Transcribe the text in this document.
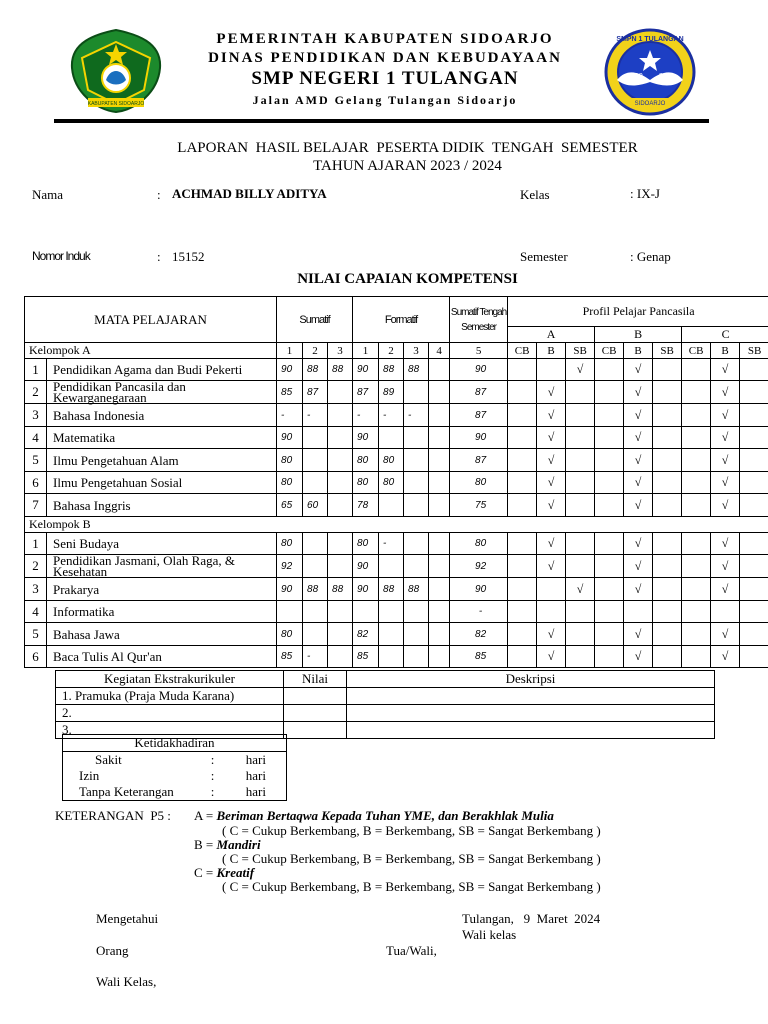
KABUPATEN SIDOARJO
SMPN 1 TULANGAN
19 81
SIDOARJO
PEMERINTAH KABUPATEN SIDOARJO
DINAS PENDIDIKAN DAN KEBUDAYAAN
SMP NEGERI 1 TULANGAN
Jalan AMD Gelang Tulangan Sidoarjo
LAPORAN  HASIL BELAJAR  PESERTA DIDIK  TENGAH  SEMESTER
TAHUN AJARAN 2023 / 2024
Nama	: ACHMAD BILLY ADITYA	Kelas	: IX-J
Nomor Induk	: 15152	Semester	: Genap
NILAI CAPAIAN KOMPETENSI
MATA PELAJARAN		Sumatif			Formatif				Sumatif Tengah Semester	Profil Pelajar Pancasila								
										A			B			C		
Kelompok A		1	2	3	1	2	3	4	5	CB	B	SB	CB	B	SB	CB	B	SB
1	Pendidikan Agama dan Budi Pekerti	90	88	88	90	88	88		90			√		√			√	
2	Pendidikan Pancasila dan Kewarganegaraan	85	87		87	89			87		√			√			√	
3	Bahasa Indonesia	-	-		-	-	-		87		√			√			√	
4	Matematika	90			90				90		√			√			√	
5	Ilmu Pengetahuan Alam	80			80	80			87		√			√			√	
6	Ilmu Pengetahuan Sosial	80			80	80			80		√			√			√	
7	Bahasa Inggris	65	60		78				75		√			√			√	
Kelompok B																		
1	Seni Budaya	80			80	-			80		√			√			√	
2	Pendidikan Jasmani, Olah Raga, & Kesehatan	92			90				92		√			√			√	
3	Prakarya	90	88	88	90	88	88		90			√		√			√	
4	Informatika								-									
5	Bahasa Jawa	80			82				82		√			√			√	
6	Baca Tulis Al Qur'an	85	-		85				85		√			√			√	
Kegiatan Ekstrakurikuler	Nilai	Deskripsi
1. Pramuka (Praja Muda Karana)		
2.		
3.		
Ketidakhadiran		
Sakit	:	hari
Izin	:	hari
Tanpa Keterangan	:	hari
KETERANGAN  P5 : A = Beriman Bertaqwa Kepada Tuhan YME, dan Berakhlak Mulia
( C = Cukup Berkembang, B = Berkembang, SB = Sangat Berkembang )
B = Mandiri
( C = Cukup Berkembang, B = Berkembang, SB = Sangat Berkembang )
C = Kreatif
( C = Cukup Berkembang, B = Berkembang, SB = Sangat Berkembang )
Mengetahui	Tulangan,   9  Maret  2024
Wali kelas
Orang	Tua/Wali,
Wali Kelas,
